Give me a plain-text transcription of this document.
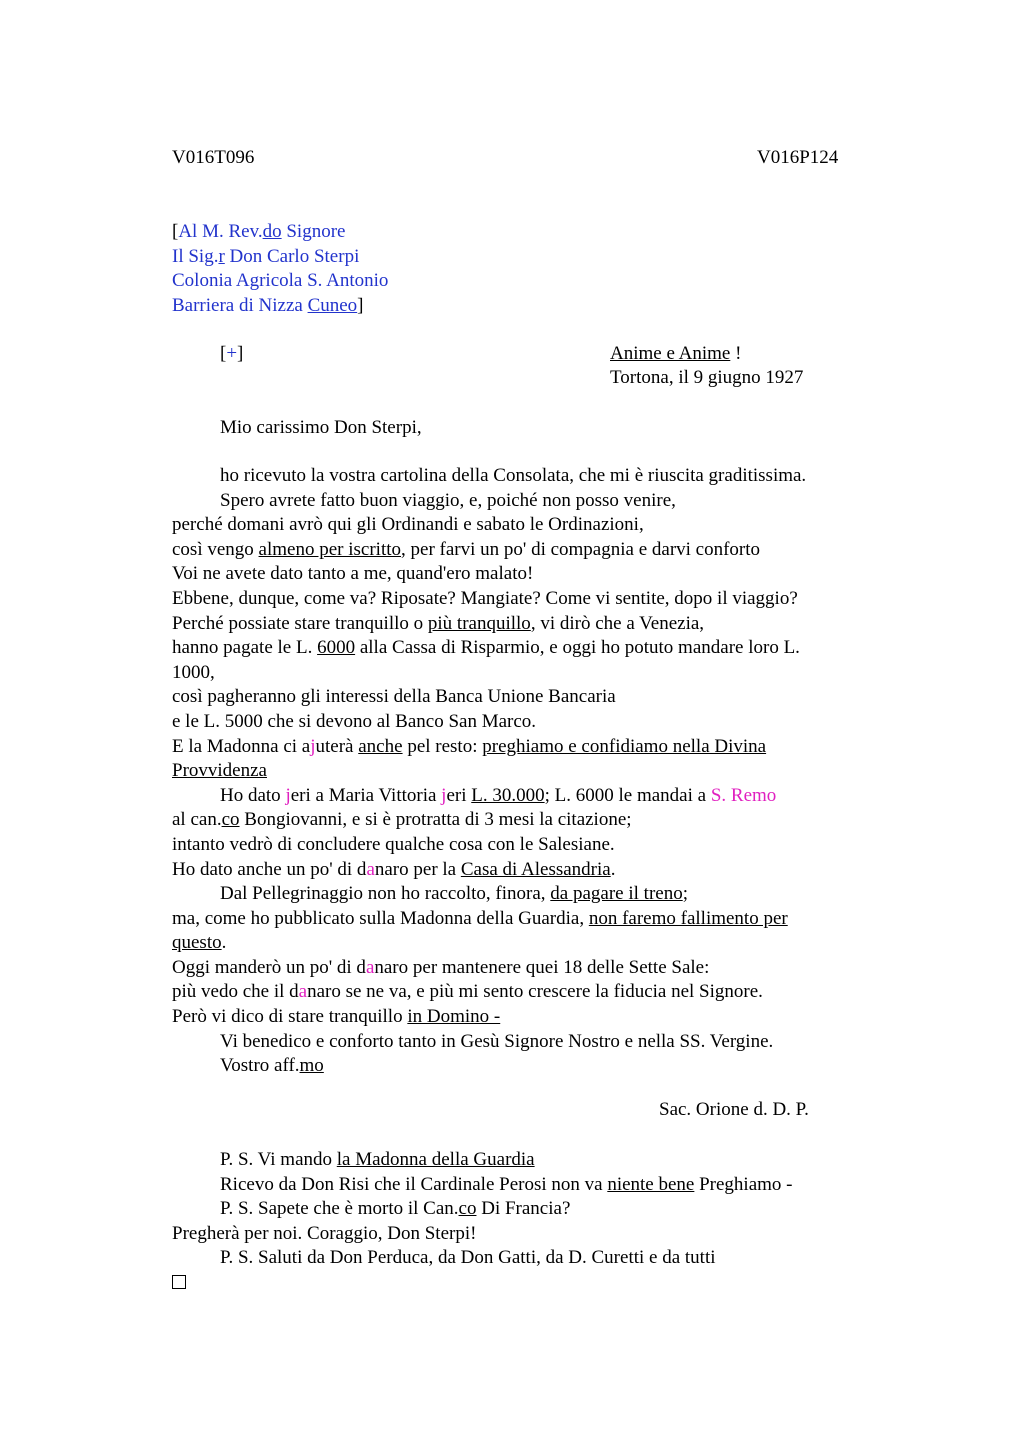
V016T096	V016P124
[Al M. Rev.do Signore
Il Sig.r Don Carlo Sterpi
Colonia Agricola S. Antonio
Barriera di Nizza Cuneo]
[+]	Anime e Anime !
Tortona, il 9 giugno 1927
Mio carissimo Don Sterpi,
ho ricevuto la vostra cartolina della Consolata, che mi è riuscita graditissima.
Spero avrete fatto buon viaggio, e, poiché non posso venire,
perché domani avrò qui gli Ordinandi e sabato le Ordinazioni,
così vengo almeno per iscritto, per farvi un po' di compagnia e darvi conforto
Voi ne avete dato tanto a me, quand'ero malato!
Ebbene, dunque, come va? Riposate? Mangiate? Come vi sentite, dopo il viaggio?
Perché possiate stare tranquillo o più tranquillo, vi dirò che a Venezia,
hanno pagate le L. 6000 alla Cassa di Risparmio, e oggi ho potuto mandare loro L.
1000,
così pagheranno gli interessi della Banca Unione Bancaria
e le L. 5000 che si devono al Banco San Marco.
E la Madonna ci ajuterà anche pel resto: preghiamo e confidiamo nella Divina
Provvidenza
Ho dato jeri a Maria Vittoria jeri L. 30.000; L. 6000 le mandai a S. Remo
al can.co Bongiovanni, e si è protratta di 3 mesi la citazione;
intanto vedrò di concludere qualche cosa con le Salesiane.
Ho dato anche un po' di danaro per la Casa di Alessandria.
Dal Pellegrinaggio non ho raccolto, finora, da pagare il treno;
ma, come ho pubblicato sulla Madonna della Guardia, non faremo fallimento per
questo.
Oggi manderò un po' di danaro per mantenere quei 18 delle Sette Sale:
più vedo che il danaro se ne va, e più mi sento crescere la fiducia nel Signore.
Però vi dico di stare tranquillo in Domino -
Vi benedico e conforto tanto in Gesù Signore Nostro e nella SS. Vergine.
Vostro aff.mo
Sac. Orione d. D. P.
P. S. Vi mando la Madonna della Guardia
Ricevo da Don Risi che il Cardinale Perosi non va niente bene Preghiamo -
P. S. Sapete che è morto il Can.co Di Francia?
Pregherà per noi. Coraggio, Don Sterpi!
P. S. Saluti da Don Perduca, da Don Gatti, da D. Curetti e da tutti
